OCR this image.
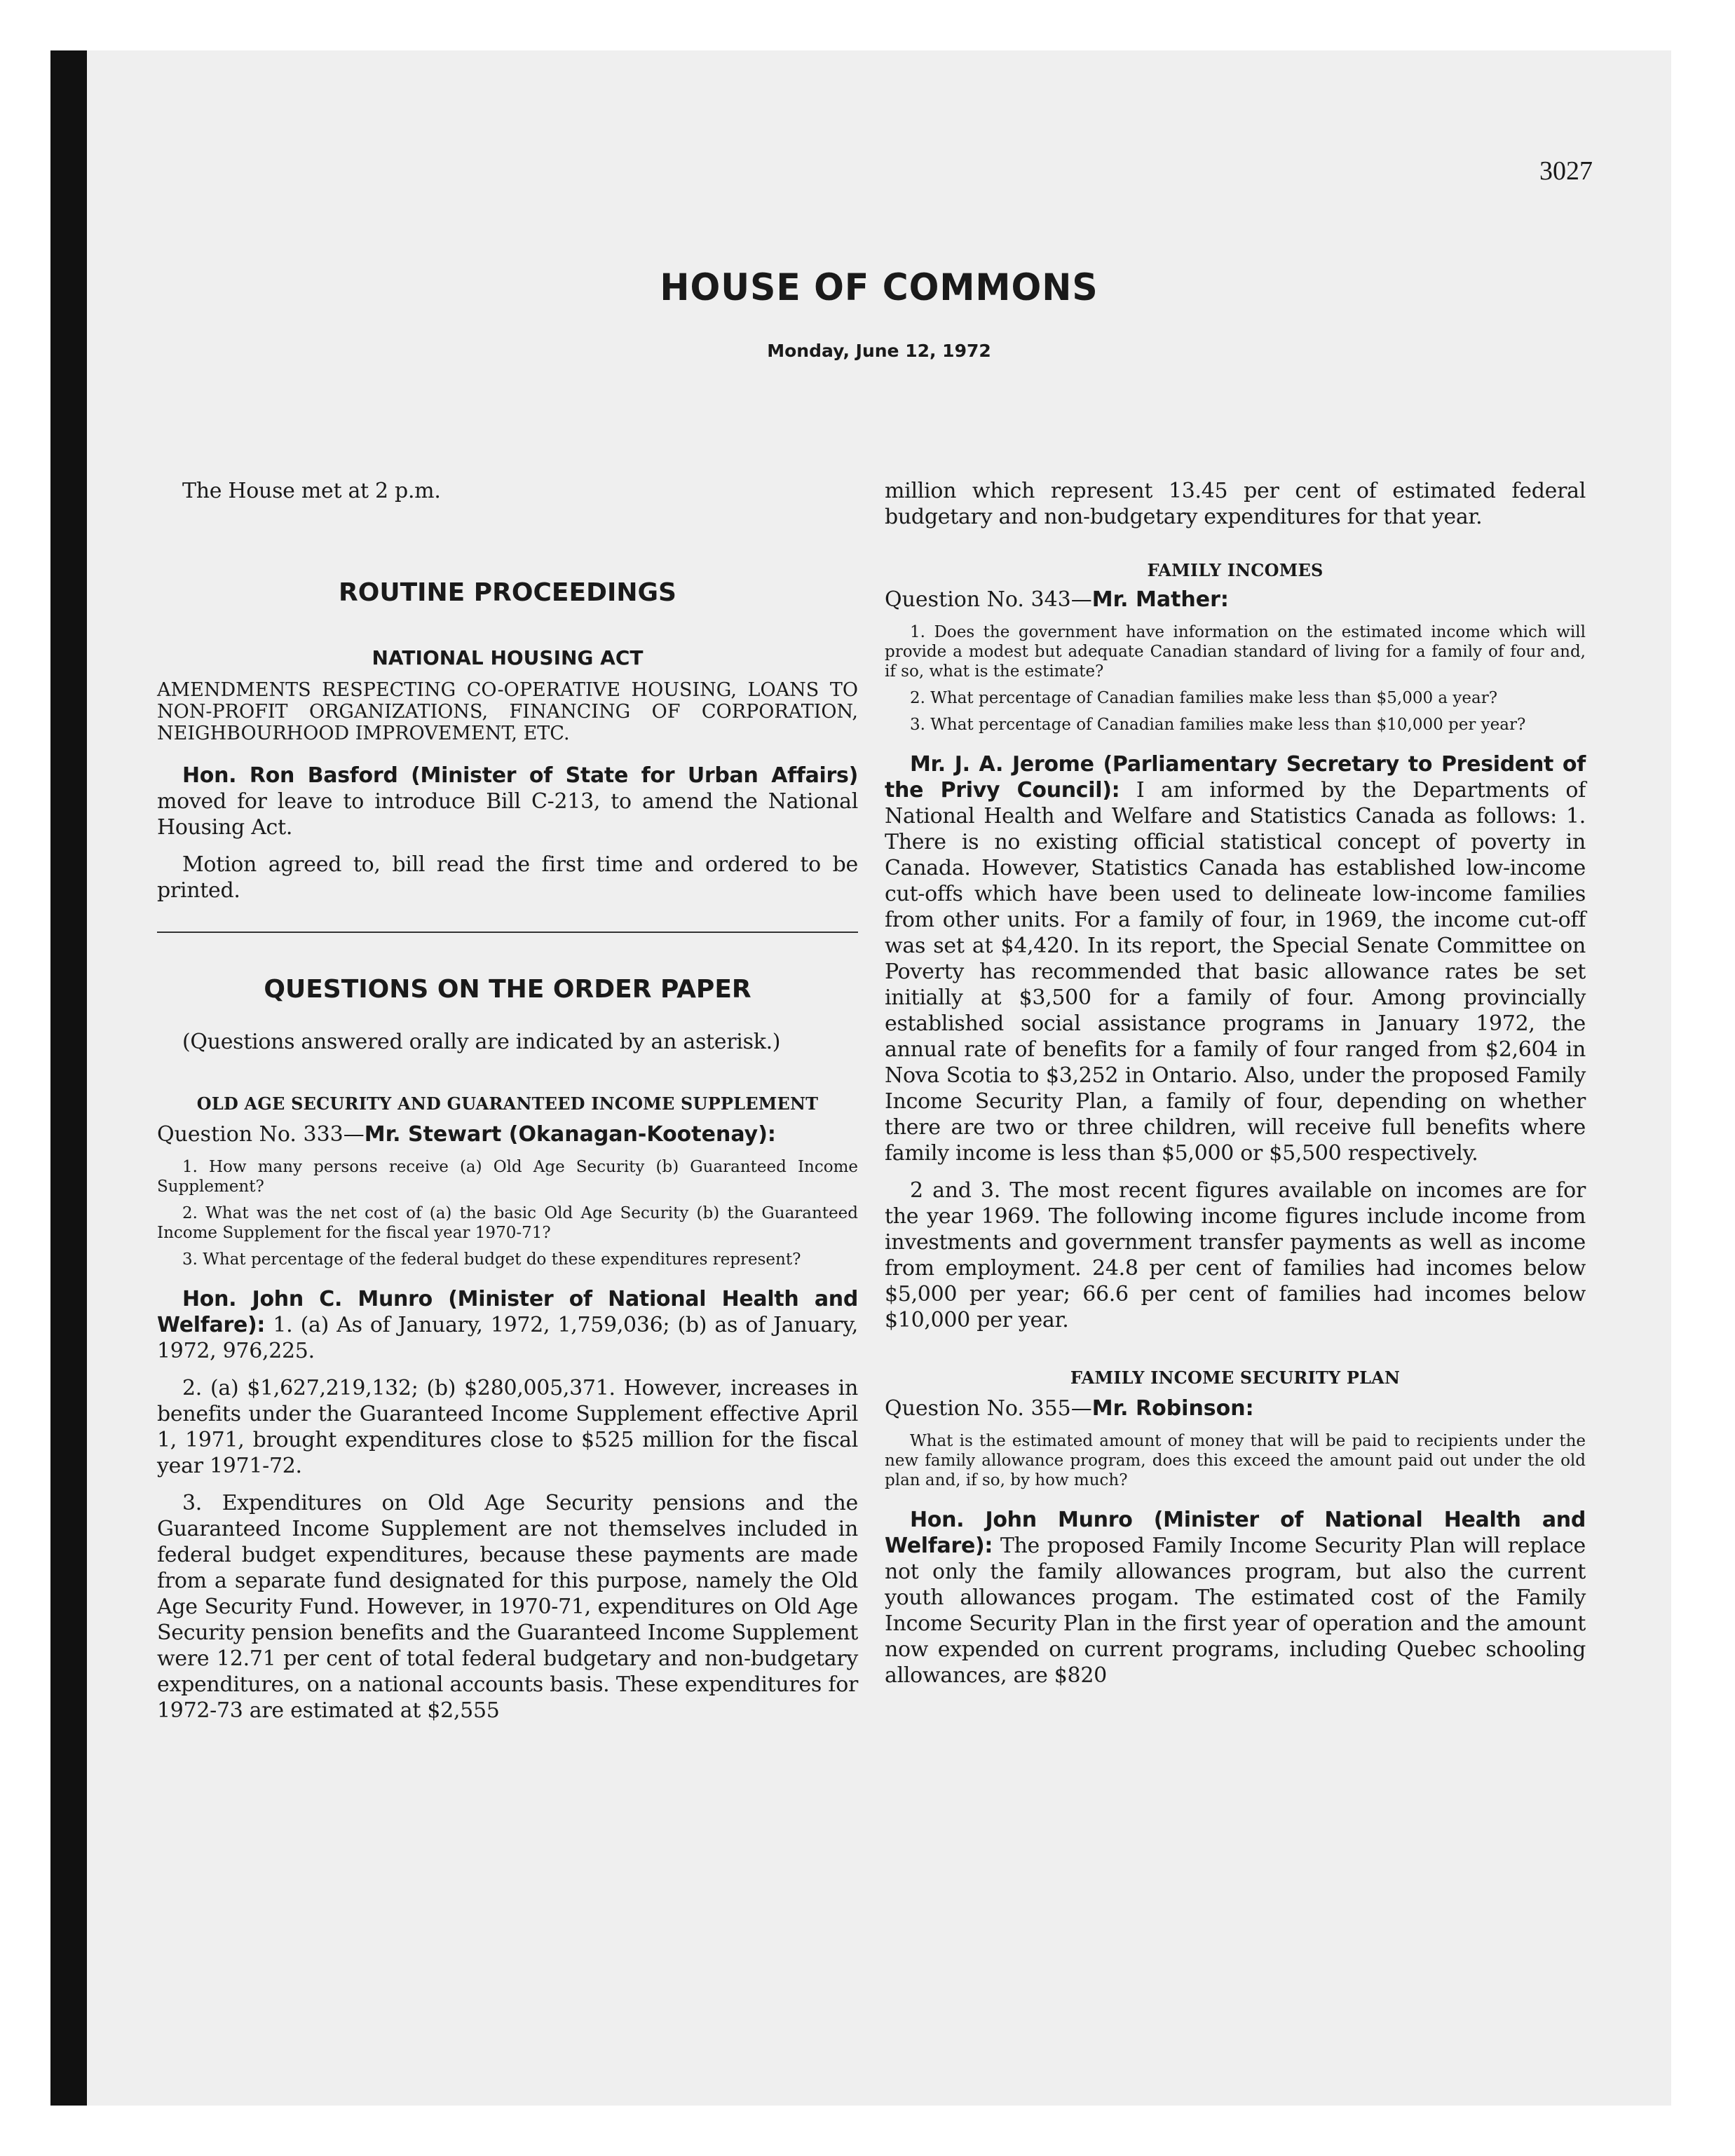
3027

HOUSE OF COMMONS

Monday, June 12, 1972

The House met at 2 p.m.

ROUTINE PROCEEDINGS
NATIONAL HOUSING ACT

AMENDMENTS RESPECTING CO-OPERATIVE HOUSING, LOANS TO NON-PROFIT ORGANIZATIONS, FINANCING OF CORPORATION, NEIGHBOURHOOD IMPROVEMENT, ETC.

Hon. Ron Basford (Minister of State for Urban Affairs) moved for leave to introduce Bill C-213, to amend the National Housing Act.

Motion agreed to, bill read the first time and ordered to be printed.

QUESTIONS ON THE ORDER PAPER

(Questions answered orally are indicated by an asterisk.)

OLD AGE SECURITY AND GUARANTEED INCOME SUPPLEMENT

Question No. 333—Mr. Stewart (Okanagan-Kootenay):

1. How many persons receive (a) Old Age Security (b) Guaranteed Income Supplement?

2. What was the net cost of (a) the basic Old Age Security (b) the Guaranteed Income Supplement for the fiscal year 1970-71?

3. What percentage of the federal budget do these expenditures represent?

Hon. John C. Munro (Minister of National Health and Welfare): 1. (a) As of January, 1972, 1,759,036; (b) as of January, 1972, 976,225.

2. (a) $1,627,219,132; (b) $280,005,371. However, increases in benefits under the Guaranteed Income Supplement effective April 1, 1971, brought expenditures close to $525 million for the fiscal year 1971-72.

3. Expenditures on Old Age Security pensions and the Guaranteed Income Supplement are not themselves included in federal budget expenditures, because these payments are made from a separate fund designated for this purpose, namely the Old Age Security Fund. However, in 1970-71, expenditures on Old Age Security pension benefits and the Guaranteed Income Supplement were 12.71 per cent of total federal budgetary and non-budgetary expenditures, on a national accounts basis. These expenditures for 1972-73 are estimated at $2,555

million which represent 13.45 per cent of estimated federal budgetary and non-budgetary expenditures for that year.

FAMILY INCOMES

Question No. 343—Mr. Mather:

1. Does the government have information on the estimated income which will provide a modest but adequate Canadian standard of living for a family of four and, if so, what is the estimate?

2. What percentage of Canadian families make less than $5,000 a year?

3. What percentage of Canadian families make less than $10,000 per year?

Mr. J. A. Jerome (Parliamentary Secretary to President of the Privy Council): I am informed by the Departments of National Health and Welfare and Statistics Canada as follows: 1. There is no existing official statistical concept of poverty in Canada. However, Statistics Canada has established low-income cut-offs which have been used to delineate low-income families from other units. For a family of four, in 1969, the income cut-off was set at $4,420. In its report, the Special Senate Committee on Poverty has recommended that basic allowance rates be set initially at $3,500 for a family of four. Among provincially established social assistance programs in January 1972, the annual rate of benefits for a family of four ranged from $2,604 in Nova Scotia to $3,252 in Ontario. Also, under the proposed Family Income Security Plan, a family of four, depending on whether there are two or three children, will receive full benefits where family income is less than $5,000 or $5,500 respectively.

2 and 3. The most recent figures available on incomes are for the year 1969. The following income figures include income from investments and government transfer payments as well as income from employment. 24.8 per cent of families had incomes below $5,000 per year; 66.6 per cent of families had incomes below $10,000 per year.

FAMILY INCOME SECURITY PLAN

Question No. 355—Mr. Robinson:

What is the estimated amount of money that will be paid to recipients under the new family allowance program, does this exceed the amount paid out under the old plan and, if so, by how much?

Hon. John Munro (Minister of National Health and Welfare): The proposed Family Income Security Plan will replace not only the family allowances program, but also the current youth allowances progam. The estimated cost of the Family Income Security Plan in the first year of operation and the amount now expended on current programs, including Quebec schooling allowances, are $820
